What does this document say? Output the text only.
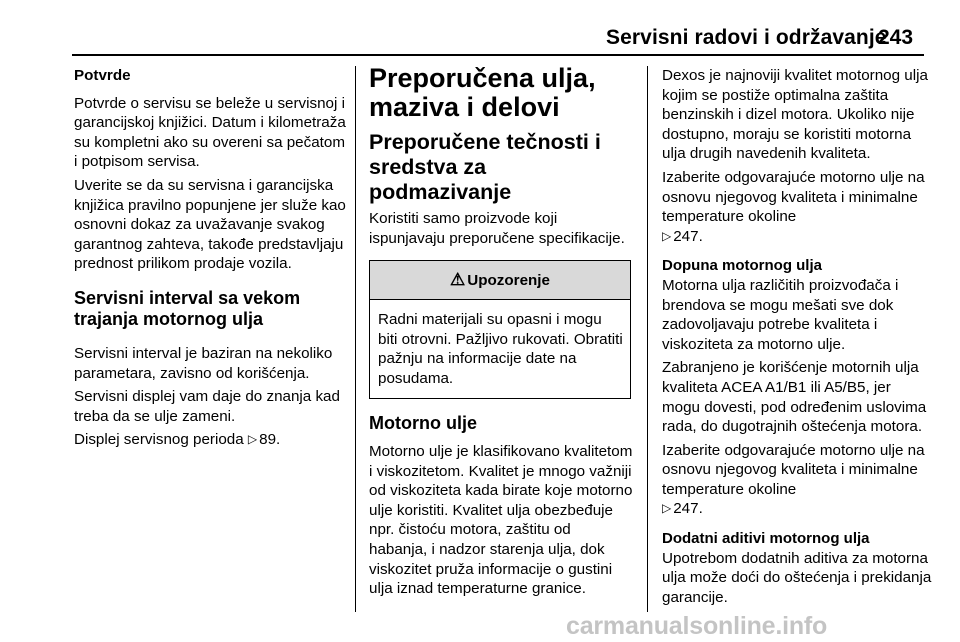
Servisni radovi i održavanje
243
Potvrde

Potvrde o servisu se beleže u servisnoj i garancijskoj knjižici. Datum i kilometraža su kompletni ako su overeni sa pečatom i potpisom servisa.

Uverite se da su servisna i garancijska knjižica pravilno popunjene jer služe kao osnovni dokaz za uvažavanje svakog garantnog zahteva, takođe predstavljaju prednost prilikom prodaje vozila.

Servisni interval sa vekom trajanja motornog ulja

Servisni interval je baziran na nekoliko parametara, zavisno od korišćenja.

Servisni displej vam daje do znanja kad treba da se ulje zameni.

Displej servisnog perioda ▷ 89.

Preporučena ulja, maziva i delovi
Preporučene tečnosti i sredstva za podmazivanje

Koristiti samo proizvode koji ispunjavaju preporučene specifikacije.

⚠ Upozorenje

Radni materijali su opasni i mogu biti otrovni. Pažljivo rukovati. Obratiti pažnju na informacije date na posudama.

Motorno ulje

Motorno ulje je klasifikovano kvalitetom i viskozitetom. Kvalitet je mnogo važniji od viskoziteta kada birate koje motorno ulje koristiti. Kvalitet ulja obezbeđuje npr. čistoću motora, zaštitu od habanja, i nadzor starenja ulja, dok viskozitet pruža informacije o gustini ulja iznad temperaturne granice.

Dexos je najnoviji kvalitet motornog ulja kojim se postiže optimalna zaštita benzinskih i dizel motora. Ukoliko nije dostupno, moraju se koristiti motorna ulja drugih navedenih kvaliteta.

Izaberite odgovarajuće motorno ulje na osnovu njegovog kvaliteta i minimalne temperature okoline
▷ 247.

Dopuna motornog ulja

Motorna ulja različitih proizvođača i brendova se mogu mešati sve dok zadovoljavaju potrebe kvaliteta i viskoziteta za motorno ulje.

Zabranjeno je korišćenje motornih ulja kvaliteta ACEA A1/B1 ili A5/B5, jer mogu dovesti, pod određenim uslovima rada, do dugotrajnih oštećenja motora.

Izaberite odgovarajuće motorno ulje na osnovu njegovog kvaliteta i minimalne temperature okoline
▷ 247.

Dodatni aditivi motornog ulja

Upotrebom dodatnih aditiva za motorna ulja može doći do oštećenja i prekidanja garancije.

carmanualsonline.info
